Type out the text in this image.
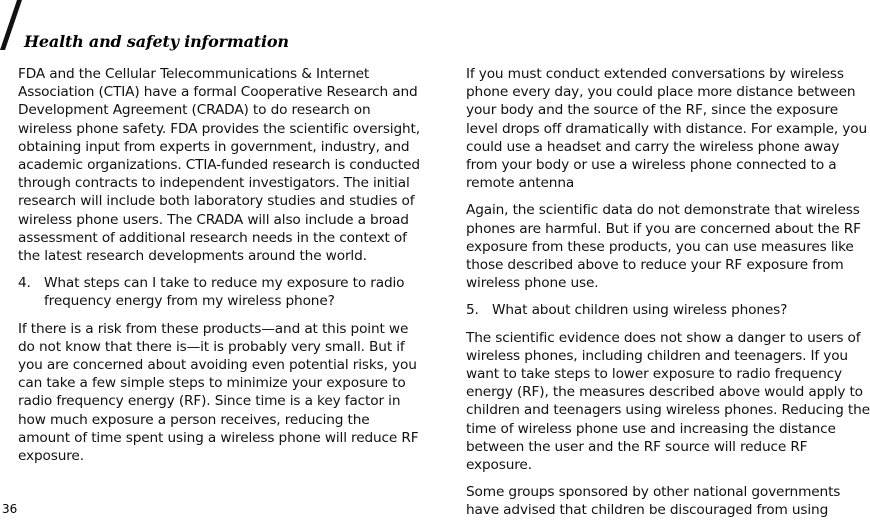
Health and safety information

FDA and the Cellular Telecommunications & Internet Association (CTIA) have a formal Cooperative Research and Development Agreement (CRADA) to do research on wireless phone safety. FDA provides the scientific oversight, obtaining input from experts in government, industry, and academic organizations. CTIA-funded research is conducted through contracts to independent investigators. The initial research will include both laboratory studies and studies of wireless phone users. The CRADA will also include a broad assessment of additional research needs in the context of the latest research developments around the world.

4. What steps can I take to reduce my exposure to radio frequency energy from my wireless phone?

If there is a risk from these products—and at this point we do not know that there is—it is probably very small. But if you are concerned about avoiding even potential risks, you can take a few simple steps to minimize your exposure to radio frequency energy (RF). Since time is a key factor in how much exposure a person receives, reducing the amount of time spent using a wireless phone will reduce RF exposure.

If you must conduct extended conversations by wireless phone every day, you could place more distance between your body and the source of the RF, since the exposure level drops off dramatically with distance. For example, you could use a headset and carry the wireless phone away from your body or use a wireless phone connected to a remote antenna

Again, the scientific data do not demonstrate that wireless phones are harmful. But if you are concerned about the RF exposure from these products, you can use measures like those described above to reduce your RF exposure from wireless phone use.

5. What about children using wireless phones?

The scientific evidence does not show a danger to users of wireless phones, including children and teenagers. If you want to take steps to lower exposure to radio frequency energy (RF), the measures described above would apply to children and teenagers using wireless phones. Reducing the time of wireless phone use and increasing the distance between the user and the RF source will reduce RF exposure.

Some groups sponsored by other national governments have advised that children be discouraged from using

36
